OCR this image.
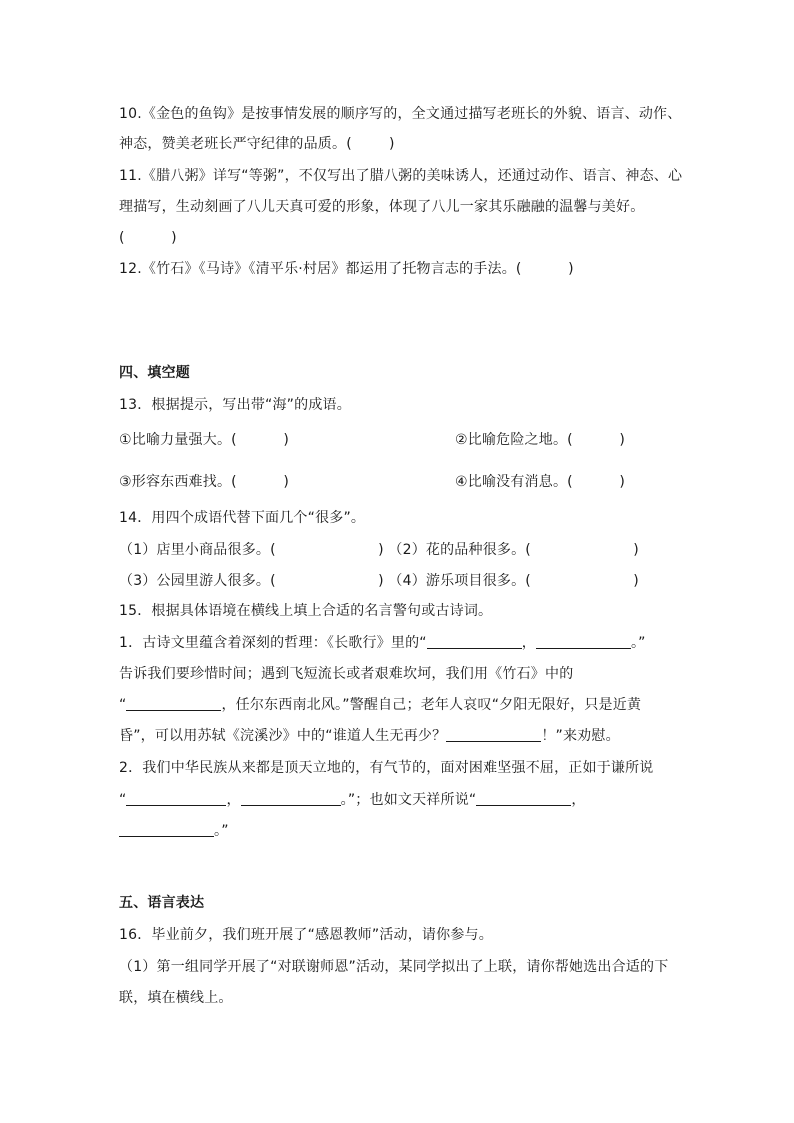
10.《金色的鱼钩》是按事情发展的顺序写的，全文通过描写老班长的外貌、语言、动作、
神态，赞美老班长严守纪律的品质。(        )
11.《腊八粥》详写“等粥”，不仅写出了腊八粥的美味诱人，还通过动作、语言、神态、心
理描写，生动刻画了八儿天真可爱的形象，体现了八儿一家其乐融融的温馨与美好。
(          )
12.《竹石》《马诗》《清平乐·村居》都运用了托物言志的手法。(          )
四、填空题
13．根据提示，写出带“海”的成语。
①比喻力量强大。(          )	②比喻危险之地。(          )
③形容东西难找。(          )	④比喻没有消息。(          )
14．用四个成语代替下面几个“很多”。
（1）店里小商品很多。(                      ) （2）花的品种很多。(                      )
（3）公园里游人很多。(                      ) （4）游乐项目很多。(                      )
15．根据具体语境在横线上填上合适的名言警句或古诗词。
1．古诗文里蕴含着深刻的哲理：《长歌行》里的“	，	。”
告诉我们要珍惜时间；遇到飞短流长或者艰难坎坷，我们用《竹石》中的
“	，任尔东西南北风。”警醒自己；老年人哀叹“夕阳无限好，只是近黄
昏”，可以用苏轼《浣溪沙》中的“谁道人生无再少？	！”来劝慰。
2．我们中华民族从来都是顶天立地的，有气节的，面对困难坚强不屈，正如于谦所说
“	，	。”；也如文天祥所说“	，
。”
五、语言表达
16．毕业前夕，我们班开展了“感恩教师”活动，请你参与。
（1）第一组同学开展了“对联谢师恩”活动，某同学拟出了上联，请你帮她选出合适的下
联，填在横线上。
